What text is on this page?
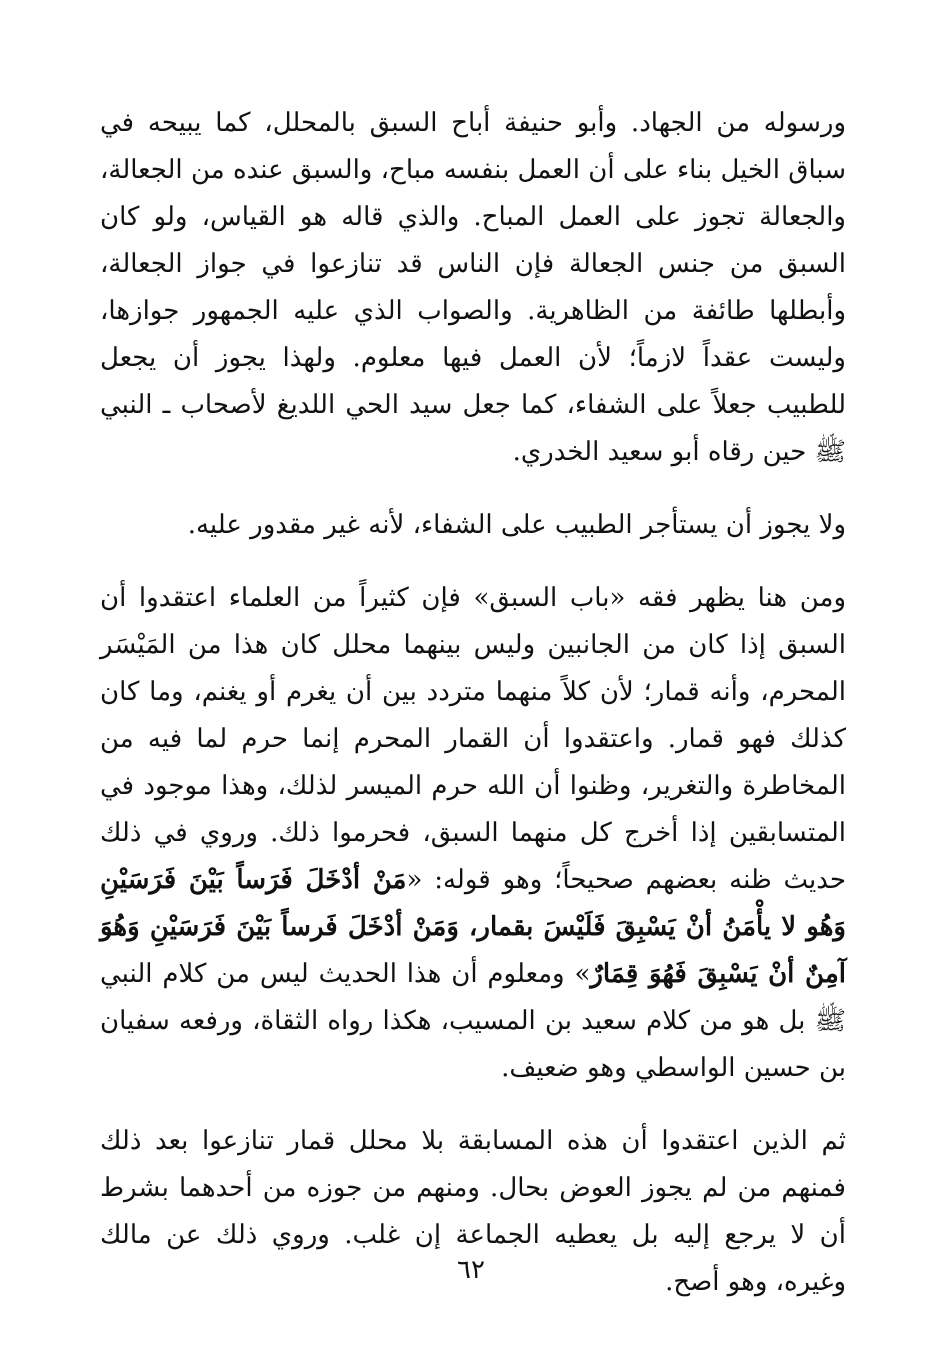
ورسوله من الجهاد. وأبو حنيفة أباح السبق بالمحلل، كما يبيحه في سباق الخيل بناء على أن العمل بنفسه مباح، والسبق عنده من الجعالة، والجعالة تجوز على العمل المباح. والذي قاله هو القياس، ولو كان السبق من جنس الجعالة فإن الناس قد تنازعوا في جواز الجعالة، وأبطلها طائفة من الظاهرية. والصواب الذي عليه الجمهور جوازها، وليست عقداً لازماً؛ لأن العمل فيها معلوم. ولهذا يجوز أن يجعل للطبيب جعلاً على الشفاء، كما جعل سيد الحي اللديغ لأصحاب ـ النبي ﷺ حين رقاه أبو سعيد الخدري.

ولا يجوز أن يستأجر الطبيب على الشفاء، لأنه غير مقدور عليه.

ومن هنا يظهر فقه «باب السبق» فإن كثيراً من العلماء اعتقدوا أن السبق إذا كان من الجانبين وليس بينهما محلل كان هذا من المَيْسَر المحرم، وأنه قمار؛ لأن كلاً منهما متردد بين أن يغرم أو يغنم، وما كان كذلك فهو قمار. واعتقدوا أن القمار المحرم إنما حرم لما فيه من المخاطرة والتغرير، وظنوا أن الله حرم الميسر لذلك، وهذا موجود في المتسابقين إذا أخرج كل منهما السبق، فحرموا ذلك. وروي في ذلك حديث ظنه بعضهم صحيحاً؛ وهو قوله: «مَنْ أدْخَلَ فَرَساً بَيْنَ فَرَسَيْنِ وَهُو لا يأْمَنُ أنْ يَسْبِقَ فَلَيْسَ بقمار، وَمَنْ أدْخَلَ فَرساً بَيْنَ فَرَسَيْنِ وَهُوَ آمِنٌ أنْ يَسْبِقَ فَهُوَ قِمَارٌ» ومعلوم أن هذا الحديث ليس من كلام النبي ﷺ بل هو من كلام سعيد بن المسيب، هكذا رواه الثقاة، ورفعه سفيان بن حسين الواسطي وهو ضعيف.

ثم الذين اعتقدوا أن هذه المسابقة بلا محلل قمار تنازعوا بعد ذلك فمنهم من لم يجوز العوض بحال. ومنهم من جوزه من أحدهما بشرط أن لا يرجع إليه بل يعطيه الجماعة إن غلب. وروي ذلك عن مالك وغيره، وهو أصح.

٦٢
